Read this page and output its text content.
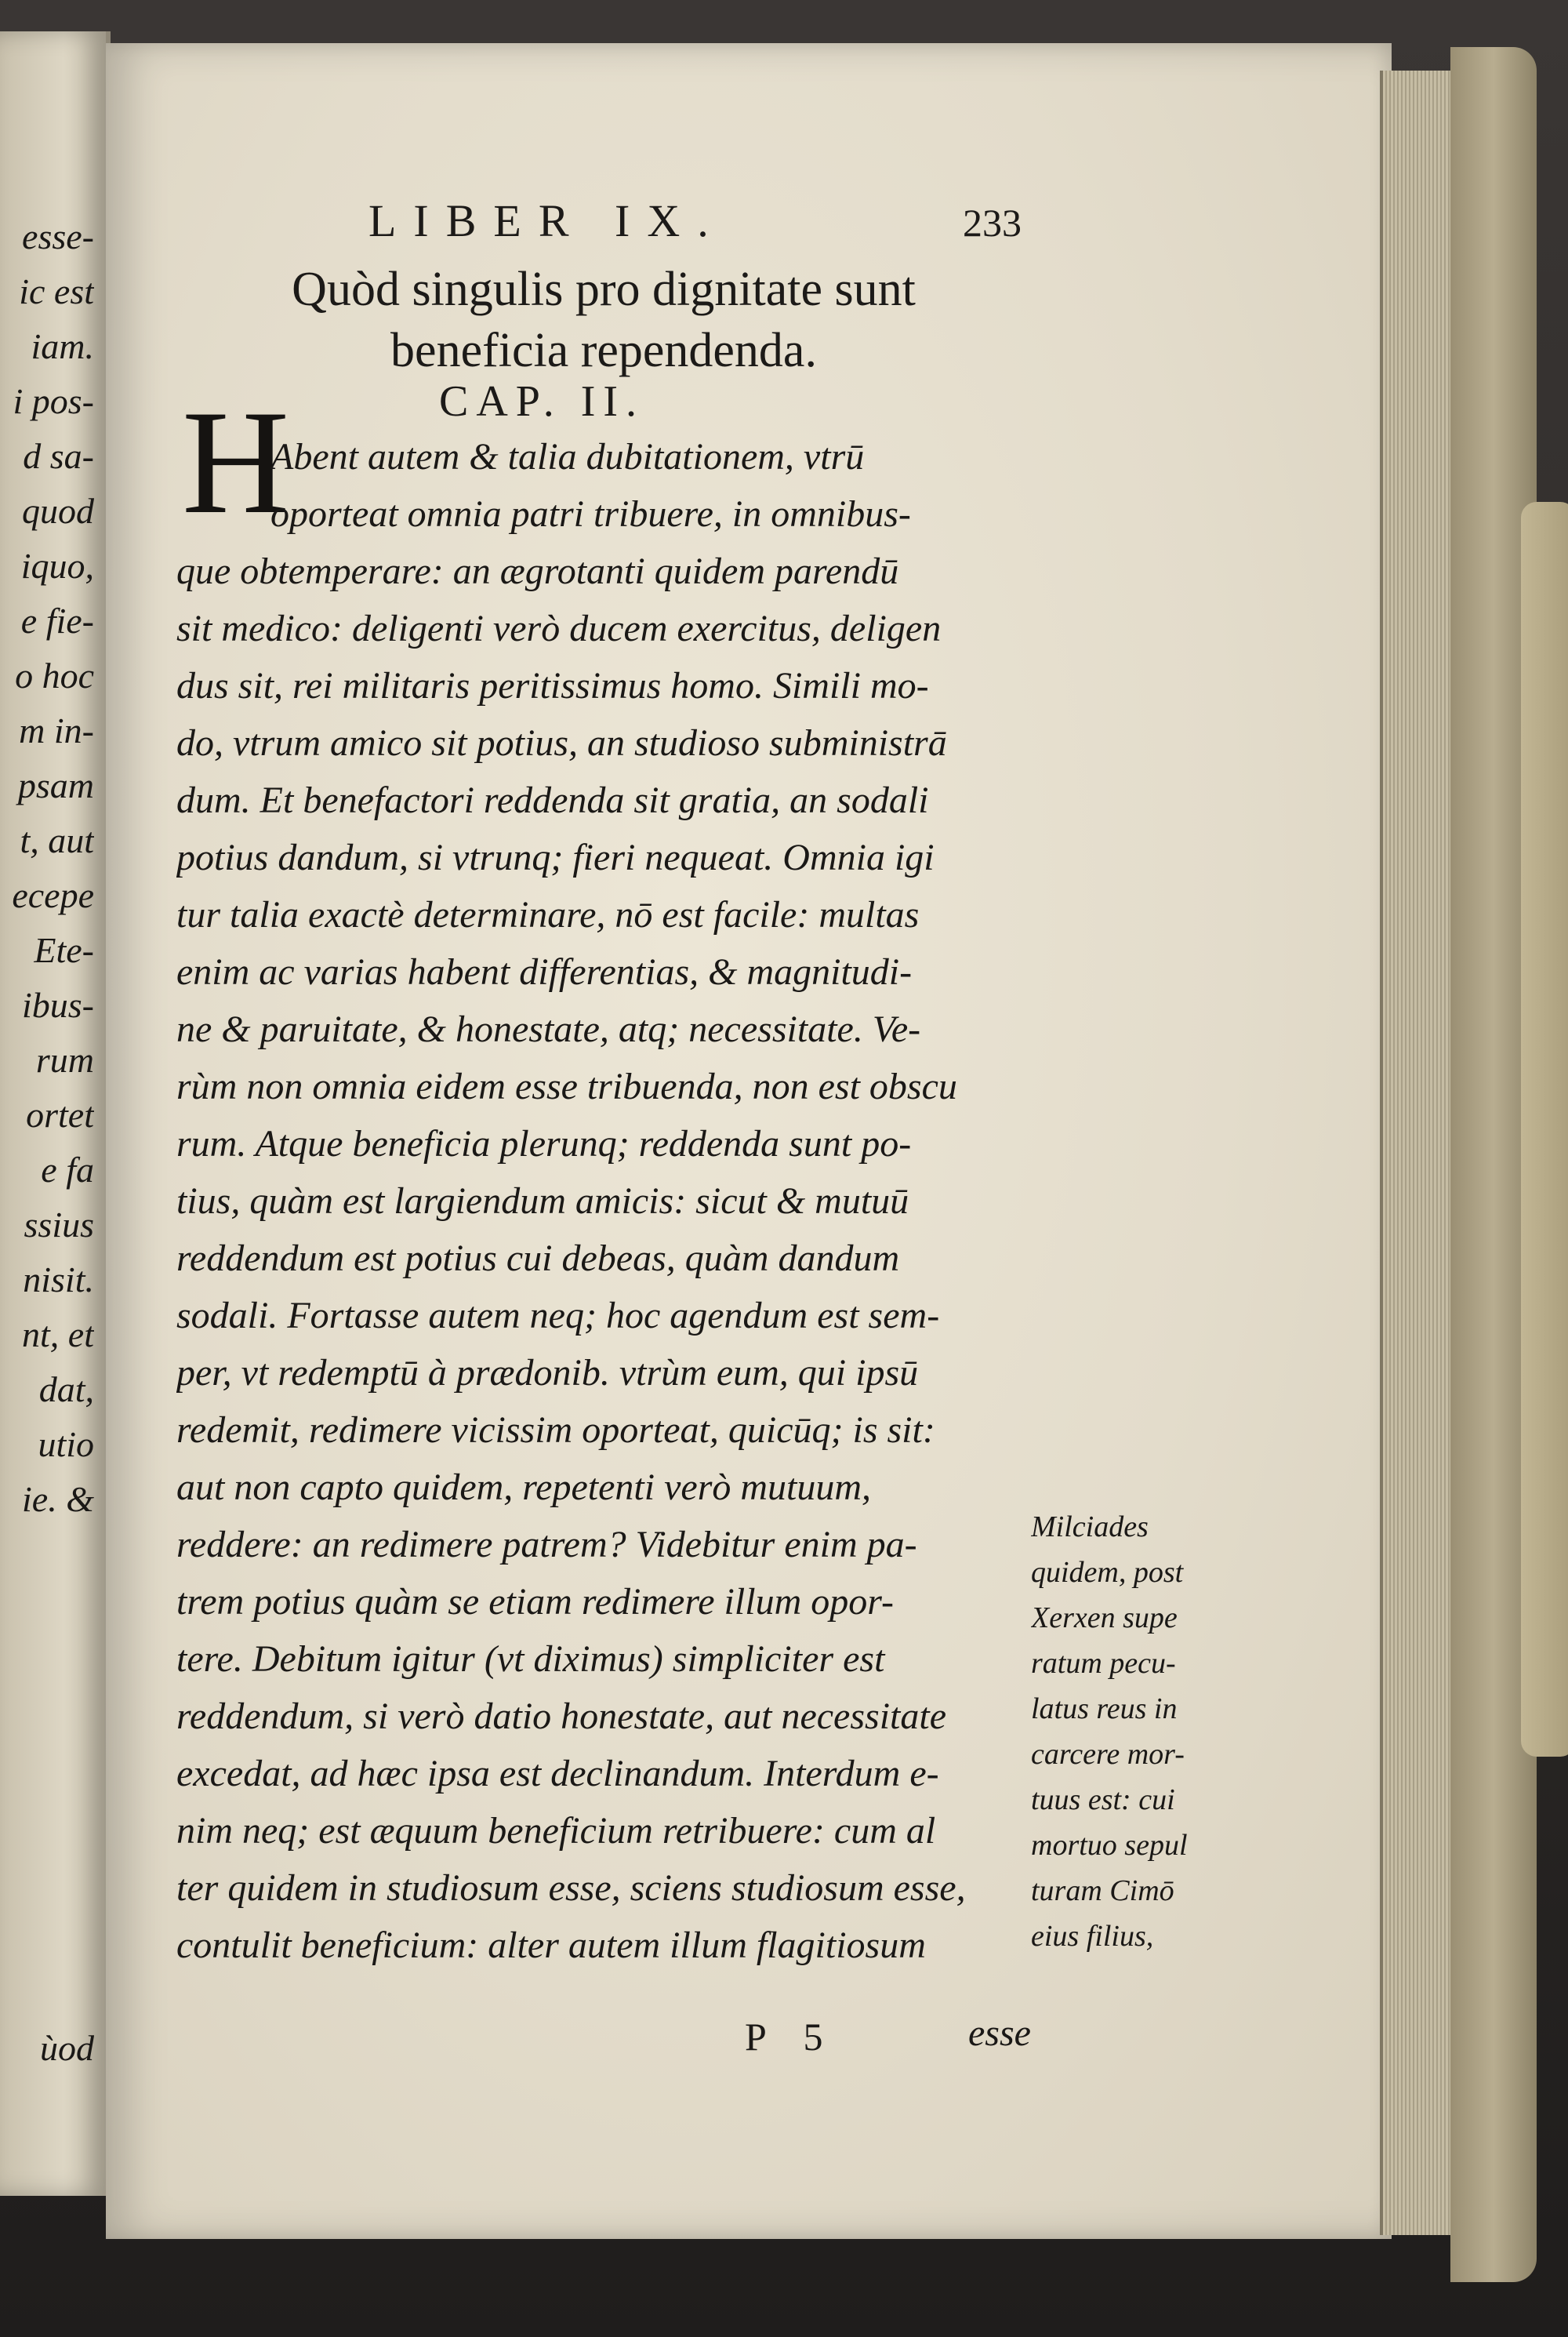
esse-
ic est
iam.
i pos-
d sa-
quod
iquo,
e fie-
o hoc
m in-
psam
t, aut
ecepe
Ete-
ibus-
rum
ortet
e fa
ssius
nisit.
nt, et
dat,
utio
ie. &
ùod
LIBER IX.	233
Quòd singulis pro dignitate sunt
beneficia rependenda.
CAP. II.
H
Abent autem & talia dubitationem, vtrū
oporteat omnia patri tribuere, in omnibus-
que obtemperare: an ægrotanti quidem parendū
sit medico: deligenti verò ducem exercitus, deligen
dus sit, rei militaris peritissimus homo. Simili mo-
do, vtrum amico sit potius, an studioso subministrā
dum. Et benefactori reddenda sit gratia, an sodali
potius dandum, si vtrunq; fieri nequeat. Omnia igi
tur talia exactè determinare, nō est facile: multas
enim ac varias habent differentias, & magnitudi-
ne & paruitate, & honestate, atq; necessitate. Ve-
rùm non omnia eidem esse tribuenda, non est obscu
rum. Atque beneficia plerunq; reddenda sunt po-
tius, quàm est largiendum amicis: sicut & mutuū
reddendum est potius cui debeas, quàm dandum
sodali. Fortasse autem neq; hoc agendum est sem-
per, vt redemptū à prædonib. vtrùm eum, qui ipsū
redemit, redimere vicissim oporteat, quicūq; is sit:
aut non capto quidem, repetenti verò mutuum,
reddere: an redimere patrem? Videbitur enim pa-
trem potius quàm se etiam redimere illum opor-
tere. Debitum igitur (vt diximus) simpliciter est
reddendum, si verò datio honestate, aut necessitate
excedat, ad hæc ipsa est declinandum. Interdum e-
nim neq; est æquum beneficium retribuere: cum al
ter quidem in studiosum esse, sciens studiosum esse,
contulit beneficium: alter autem illum flagitiosum
Milciades
quidem, post
Xerxen supe
ratum pecu-
latus reus in
carcere mor-
tuus est: cui
mortuo sepul
turam Cimō
eius filius,
P 5	esse
